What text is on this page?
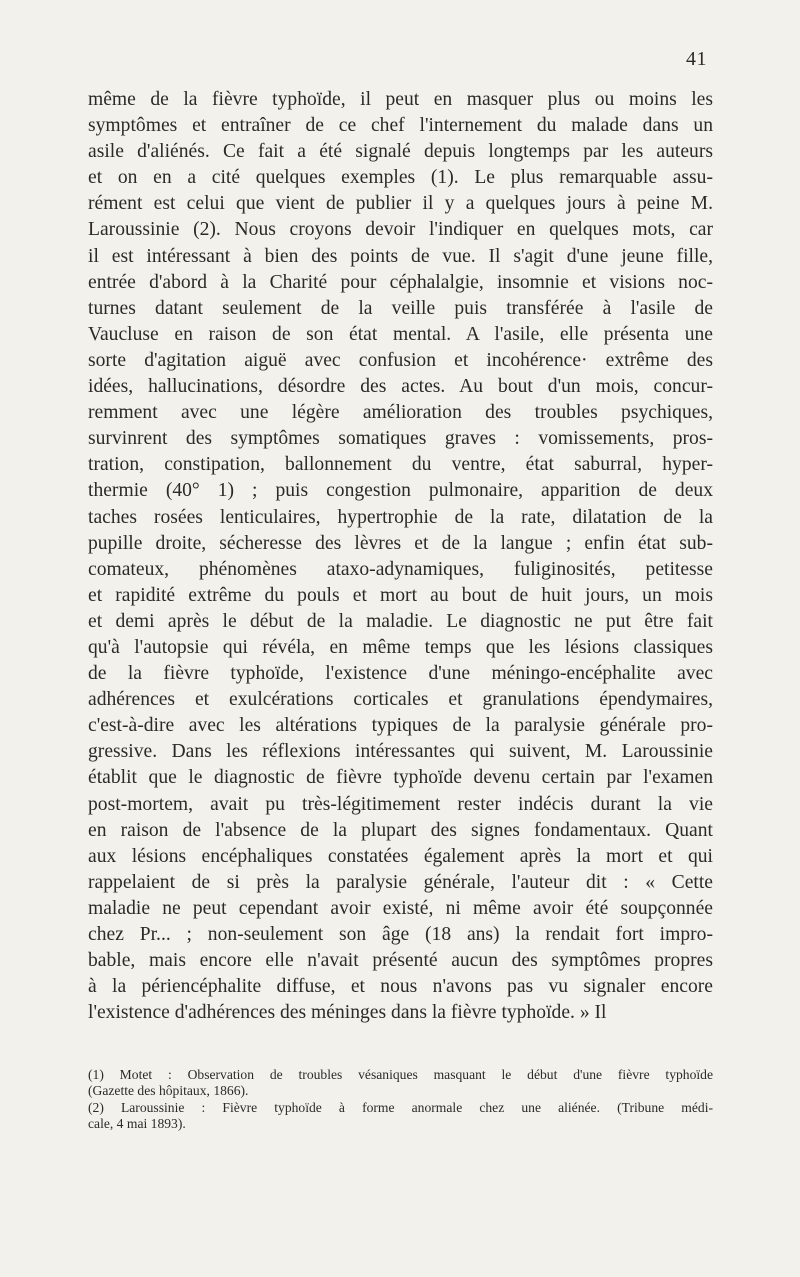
41
même de la fièvre typhoïde, il peut en masquer plus ou moins les
symptômes et entraîner de ce chef l'internement du malade dans un
asile d'aliénés. Ce fait a été signalé depuis longtemps par les auteurs
et on en a cité quelques exemples (1). Le plus remarquable assu-
rément est celui que vient de publier il y a quelques jours à peine M.
Laroussinie (2). Nous croyons devoir l'indiquer en quelques mots, car
il est intéressant à bien des points de vue. Il s'agit d'une jeune fille,
entrée d'abord à la Charité pour céphalalgie, insomnie et visions noc-
turnes datant seulement de la veille puis transférée à l'asile de
Vaucluse en raison de son état mental. A l'asile, elle présenta une
sorte d'agitation aiguë avec confusion et incohérence· extrême des
idées, hallucinations, désordre des actes. Au bout d'un mois, concur-
remment avec une légère amélioration des troubles psychiques,
survinrent des symptômes somatiques graves : vomissements, pros-
tration, constipation, ballonnement du ventre, état saburral, hyper-
thermie (40° 1) ; puis congestion pulmonaire, apparition de deux
taches rosées lenticulaires, hypertrophie de la rate, dilatation de la
pupille droite, sécheresse des lèvres et de la langue ; enfin état sub-
comateux, phénomènes ataxo-adynamiques, fuliginosités, petitesse
et rapidité extrême du pouls et mort au bout de huit jours, un mois
et demi après le début de la maladie. Le diagnostic ne put être fait
qu'à l'autopsie qui révéla, en même temps que les lésions classiques
de la fièvre typhoïde, l'existence d'une méningo-encéphalite avec
adhérences et exulcérations corticales et granulations épendymaires,
c'est-à-dire avec les altérations typiques de la paralysie générale pro-
gressive. Dans les réflexions intéressantes qui suivent, M. Laroussinie
établit que le diagnostic de fièvre typhoïde devenu certain par l'examen
post-mortem, avait pu très-légitimement rester indécis durant la vie
en raison de l'absence de la plupart des signes fondamentaux. Quant
aux lésions encéphaliques constatées également après la mort et qui
rappelaient de si près la paralysie générale, l'auteur dit : « Cette
maladie ne peut cependant avoir existé, ni même avoir été soupçonnée
chez Pr... ; non-seulement son âge (18 ans) la rendait fort impro-
bable, mais encore elle n'avait présenté aucun des symptômes propres
à la périencéphalite diffuse, et nous n'avons pas vu signaler encore
l'existence d'adhérences des méninges dans la fièvre typhoïde. » Il
(1) Motet : Observation de troubles vésaniques masquant le début d'une fièvre typhoïde
(Gazette des hôpitaux, 1866).
(2) Laroussinie : Fièvre typhoïde à forme anormale chez une aliénée. (Tribune médi-
cale, 4 mai 1893).
